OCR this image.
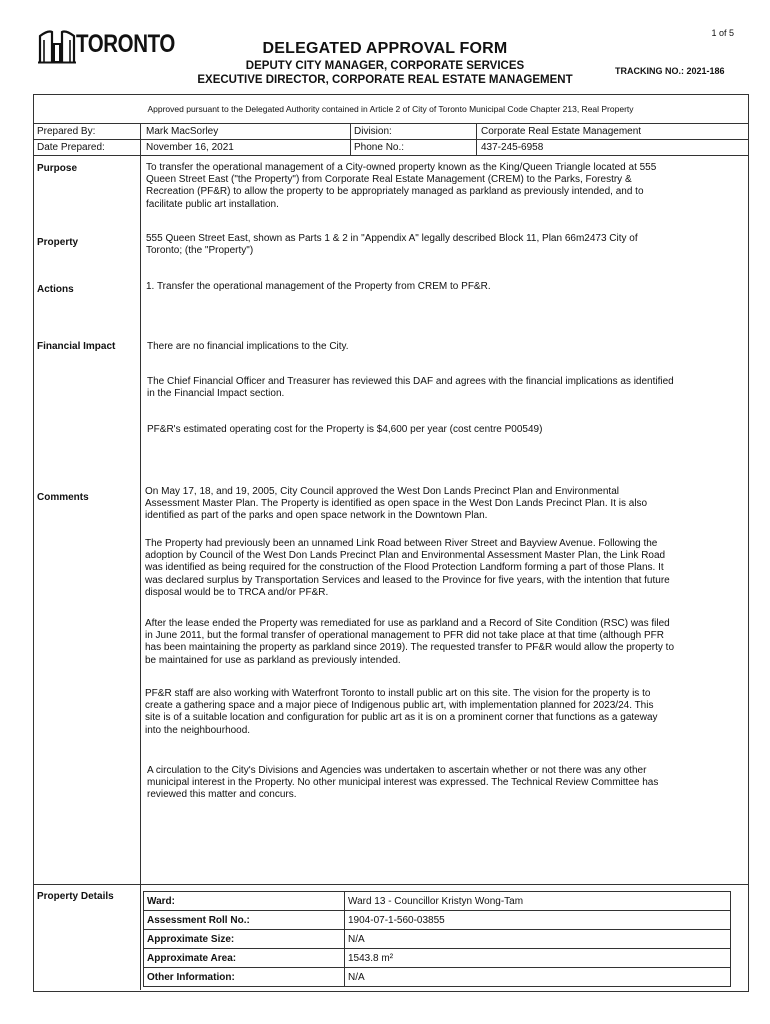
TORONTO	1 of 5
DELEGATED APPROVAL FORM
DEPUTY CITY MANAGER, CORPORATE SERVICES
EXECUTIVE DIRECTOR, CORPORATE REAL ESTATE MANAGEMENT
TRACKING NO.: 2021-186
Approved pursuant to the Delegated Authority contained in Article 2 of City of Toronto Municipal Code Chapter 213, Real Property
Prepared By:	Mark MacSorley	Division:	Corporate Real Estate Management
Date Prepared:	November 16, 2021	Phone No.:	437-245-6958
Purpose	To transfer the operational management of a City-owned property known as the King/Queen Triangle located at 555
Queen Street East ("the Property") from Corporate Real Estate Management (CREM) to the Parks, Forestry &
Recreation (PF&R) to allow the property to be appropriately managed as parkland as previously intended, and to
facilitate public art installation.
Property	555 Queen Street East, shown as Parts 1 & 2 in "Appendix A" legally described Block 11, Plan 66m2473 City of
Toronto; (the "Property")
Actions	1. Transfer the operational management of the Property from CREM to PF&R.
Financial Impact	There are no financial implications to the City.
The Chief Financial Officer and Treasurer has reviewed this DAF and agrees with the financial implications as identified
in the Financial Impact section.
PF&R's estimated operating cost for the Property is $4,600 per year (cost centre P00549)
Comments
On May 17, 18, and 19, 2005, City Council approved the West Don Lands Precinct Plan and Environmental
Assessment Master Plan. The Property is identified as open space in the West Don Lands Precinct Plan. It is also
identified as part of the parks and open space network in the Downtown Plan.
The Property had previously been an unnamed Link Road between River Street and Bayview Avenue. Following the
adoption by Council of the West Don Lands Precinct Plan and Environmental Assessment Master Plan, the Link Road
was identified as being required for the construction of the Flood Protection Landform forming a part of those Plans. It
was declared surplus by Transportation Services and leased to the Province for five years, with the intention that future
disposal would be to TRCA and/or PF&R.
After the lease ended the Property was remediated for use as parkland and a Record of Site Condition (RSC) was filed
in June 2011, but the formal transfer of operational management to PFR did not take place at that time (although PFR
has been maintaining the property as parkland since 2019). The requested transfer to PF&R would allow the property to
be maintained for use as parkland as previously intended.
PF&R staff are also working with Waterfront Toronto to install public art on this site. The vision for the property is to
create a gathering space and a major piece of Indigenous public art, with implementation planned for 2023/24. This
site is of a suitable location and configuration for public art as it is on a prominent corner that functions as a gateway
into the neighbourhood.
A circulation to the City's Divisions and Agencies was undertaken to ascertain whether or not there was any other
municipal interest in the Property. No other municipal interest was expressed. The Technical Review Committee has
reviewed this matter and concurs.
Property Details	Ward:	Ward 13 - Councillor Kristyn Wong-Tam
Assessment Roll No.:	1904-07-1-560-03855
Approximate Size:	N/A
Approximate Area:	1543.8 m²
Other Information:	N/A
